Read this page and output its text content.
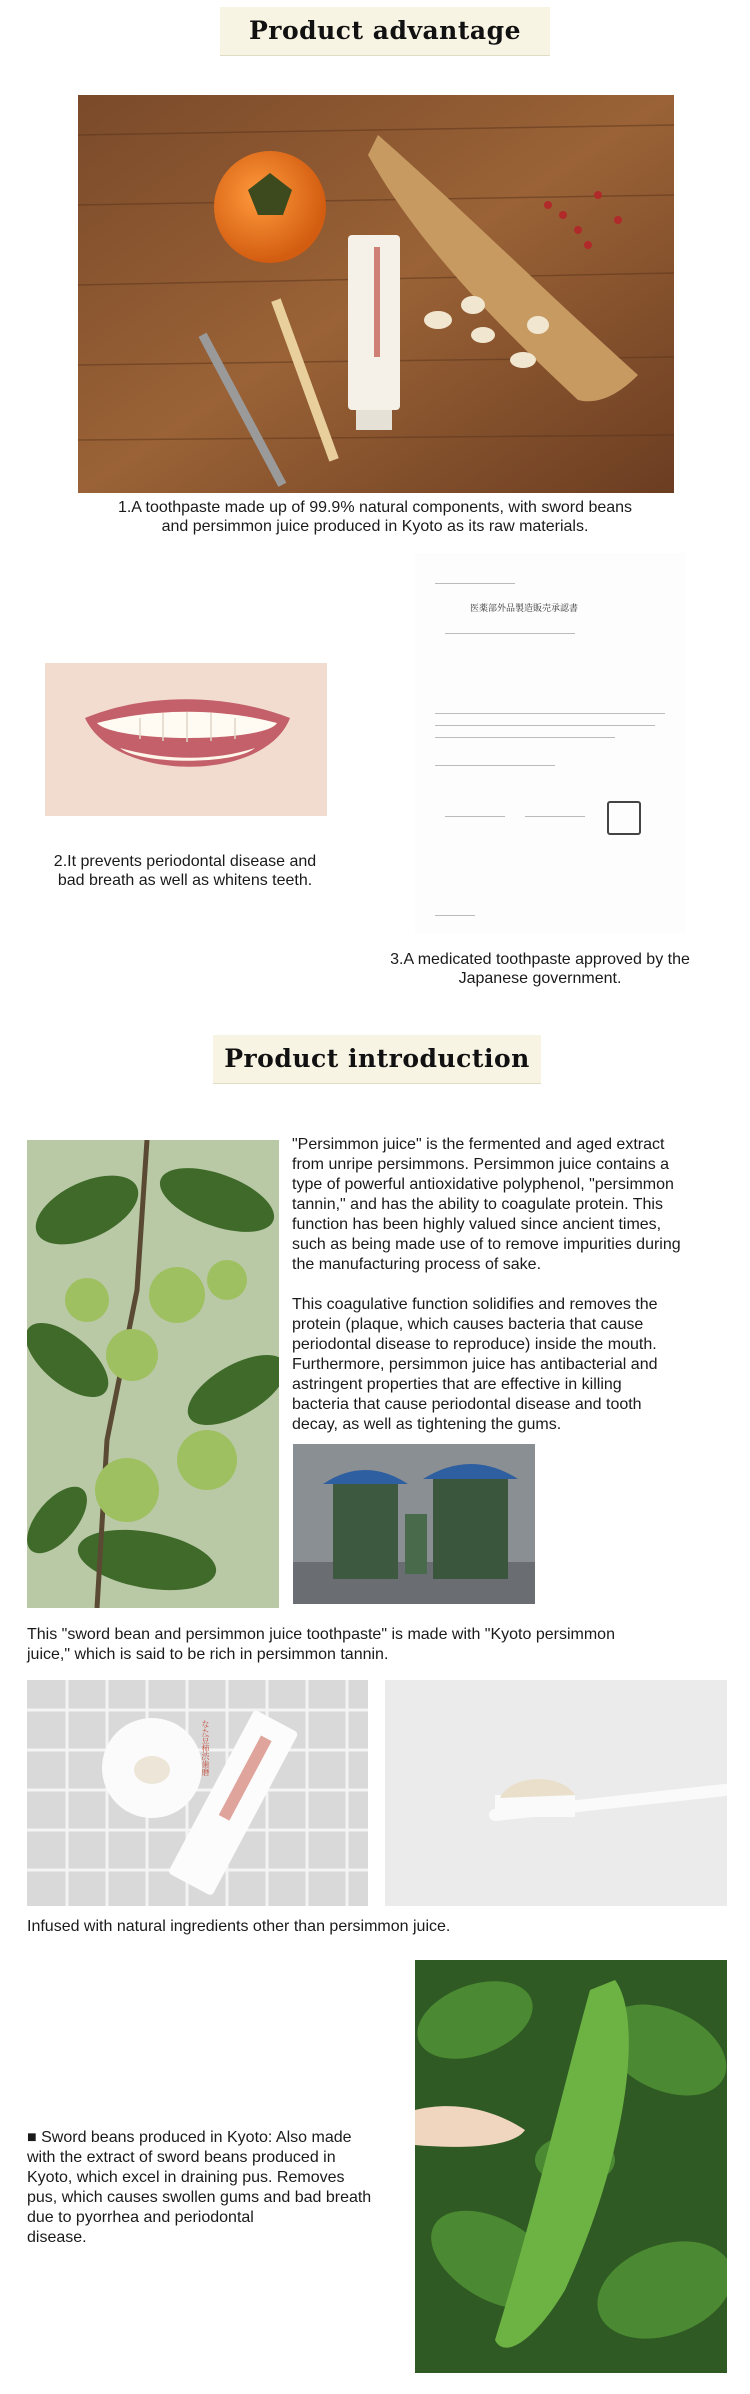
Product advantage
1.A toothpaste made up of 99.9% natural components, with sword beans
and persimmon juice produced in Kyoto as its raw materials.
2.It prevents periodontal disease and
bad breath as well as whitens teeth.
医薬部外品製造販売承認書
3.A medicated toothpaste approved by the
Japanese government.
Product introduction
"Persimmon juice" is the fermented and aged extract
from unripe persimmons. Persimmon juice contains a
type of powerful antioxidative polyphenol, "persimmon
tannin," and has the ability to coagulate protein. This
function has been highly valued since ancient times,
such as being made use of to remove impurities during
the manufacturing process of sake.
This coagulative function solidifies and removes the
protein (plaque, which causes bacteria that cause
periodontal disease to reproduce) inside the mouth.
Furthermore, persimmon juice has antibacterial and
astringent properties that are effective in killing
bacteria that cause periodontal disease and tooth
decay, as well as tightening the gums.
This "sword bean and persimmon juice toothpaste" is made with "Kyoto persimmon
juice," which is said to be rich in persimmon tannin.
なた豆柿渋歯磨
Infused with natural ingredients other than persimmon juice.
■ Sword beans produced in Kyoto: Also made
with the extract of sword beans produced in
Kyoto, which excel in draining pus. Removes
pus, which causes swollen gums and bad breath
due to pyorrhea and periodontal
disease.
